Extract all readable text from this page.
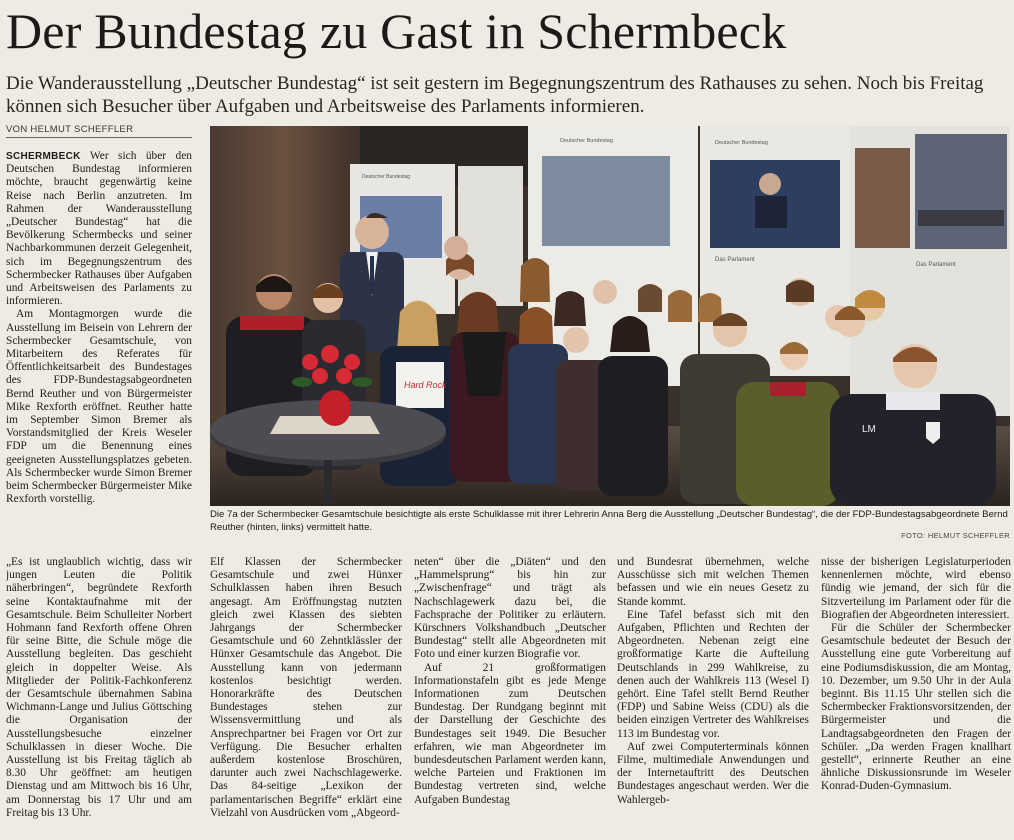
Der Bundestag zu Gast in Schermbeck
Die Wanderausstellung „Deutscher Bundestag“ ist seit gestern im Begegnungszentrum des Rathauses zu sehen. Noch bis Freitag können sich Besucher über Aufgaben und Arbeitsweise des Parlaments informieren.
VON HELMUT SCHEFFLER

SCHERMBECK Wer sich über den Deutschen Bundestag informieren möchte, braucht gegenwärtig keine Reise nach Berlin anzutreten. Im Rahmen der Wanderausstellung „Deutscher Bundestag“ hat die Bevölkerung Schermbecks und seiner Nachbarkommunen derzeit Gelegenheit, sich im Begegnungszentrum des Schermbecker Rathauses über Aufgaben und Arbeitsweisen des Parlaments zu informieren.

Am Montagmorgen wurde die Ausstellung im Beisein von Lehrern der Schermbecker Gesamtschule, von Mitarbeitern des Referates für Öffentlichkeitsarbeit des Bundestages des FDP-Bundestagsabgeordneten Bernd Reuther und von Bürgermeister Mike Rexforth eröffnet. Reuther hatte im September Simon Bremer als Vorstandsmitglied der Kreis Weseler FDP um die Benennung eines geeigneten Ausstellungsplatzes gebeten. Als Schermbecker wurde Simon Bremer beim Schermbecker Bürgermeister Mike Rexforth vorstellig.

Deutscher Bundestag
Deutscher Bundestag	Deutscher Bundestag
Das Parlament
Das Parlament
Hard Rock
LM
Die 7a der Schermbecker Gesamtschule besichtigte als erste Schulklasse mit ihrer Lehrerin Anna Berg die Ausstellung „Deutscher Bundestag“, die der FDP-Bundestagsabgeordnete Bernd Reuther (hinten, links) vermittelt hatte.
FOTO: HELMUT SCHEFFLER

„Es ist unglaublich wichtig, dass wir jungen Leuten die Politik näherbringen“, begründete Rexforth seine Kontaktaufnahme mit der Gesamtschule. Beim Schulleiter Norbert Hohmann fand Rexforth offene Ohren für seine Bitte, die Schule möge die Ausstellung begleiten. Das geschieht gleich in doppelter Weise. Als Mitglieder der Politik-Fachkonferenz der Gesamtschule übernahmen Sabina Wichmann-Lange und Julius Göttsching die Organisation der Ausstellungsbesuche einzelner Schulklassen in dieser Woche. Die Ausstellung ist bis Freitag täglich ab 8.30 Uhr geöffnet: am heutigen Dienstag und am Mittwoch bis 16 Uhr, am Donnerstag bis 17 Uhr und am Freitag bis 13 Uhr.

Elf Klassen der Schermbecker Gesamtschule und zwei Hünxer Schulklassen haben ihren Besuch angesagt. Am Eröffnungstag nutzten gleich zwei Klassen des siebten Jahrgangs der Schermbecker Gesamtschule und 60 Zehntklässler der Hünxer Gesamtschule das Angebot. Die Ausstellung kann von jedermann kostenlos besichtigt werden. Honorarkräfte des Deutschen Bundestages stehen zur Wissensvermittlung und als Ansprechpartner bei Fragen vor Ort zur Verfügung. Die Besucher erhalten außerdem kostenlose Broschüren, darunter auch zwei Nachschlagewerke. Das 84-seitige „Lexikon der parlamentarischen Begriffe“ erklärt eine Vielzahl von Ausdrücken vom „Abgeord-

neten“ über die „Diäten“ und den „Hammelsprung“ bis hin zur „Zwischenfrage“ und trägt als Nachschlagewerk dazu bei, die Fachsprache der Politiker zu erläutern. Kürschners Volkshandbuch „Deutscher Bundestag“ stellt alle Abgeordneten mit Foto und einer kurzen Biografie vor.

Auf 21 großformatigen Informationstafeln gibt es jede Menge Informationen zum Deutschen Bundestag. Der Rundgang beginnt mit der Darstellung der Geschichte des Bundestages seit 1949. Die Besucher erfahren, wie man Abgeordneter im bundesdeutschen Parlament werden kann, welche Parteien und Fraktionen im Bundestag vertreten sind, welche Aufgaben Bundestag

und Bundesrat übernehmen, welche Ausschüsse sich mit welchen Themen befassen und wie ein neues Gesetz zu Stande kommt.

Eine Tafel befasst sich mit den Aufgaben, Pflichten und Rechten der Abgeordneten. Nebenan zeigt eine großformatige Karte die Aufteilung Deutschlands in 299 Wahlkreise, zu denen auch der Wahlkreis 113 (Wesel I) gehört. Eine Tafel stellt Bernd Reuther (FDP) und Sabine Weiss (CDU) als die beiden einzigen Vertreter des Wahlkreises 113 im Bundestag vor.

Auf zwei Computerterminals können Filme, multimediale Anwendungen und der Internetauftritt des Deutschen Bundestages angeschaut werden. Wer die Wahlergeb-

nisse der bisherigen Legislaturperioden kennenlernen möchte, wird ebenso fündig wie jemand, der sich für die Sitzverteilung im Parlament oder für die Biografien der Abgeordneten interessiert.

Für die Schüler der Schermbecker Gesamtschule bedeutet der Besuch der Ausstellung eine gute Vorbereitung auf eine Podiumsdiskussion, die am Montag, 10. Dezember, um 9.50 Uhr in der Aula beginnt. Bis 11.15 Uhr stellen sich die Schermbecker Fraktionsvorsitzenden, der Bürgermeister und die Landtagsabgeordneten den Fragen der Schüler. „Da werden Fragen knallhart gestellt“, erinnerte Reuther an eine ähnliche Diskussionsrunde im Weseler Konrad-Duden-Gymnasium.
